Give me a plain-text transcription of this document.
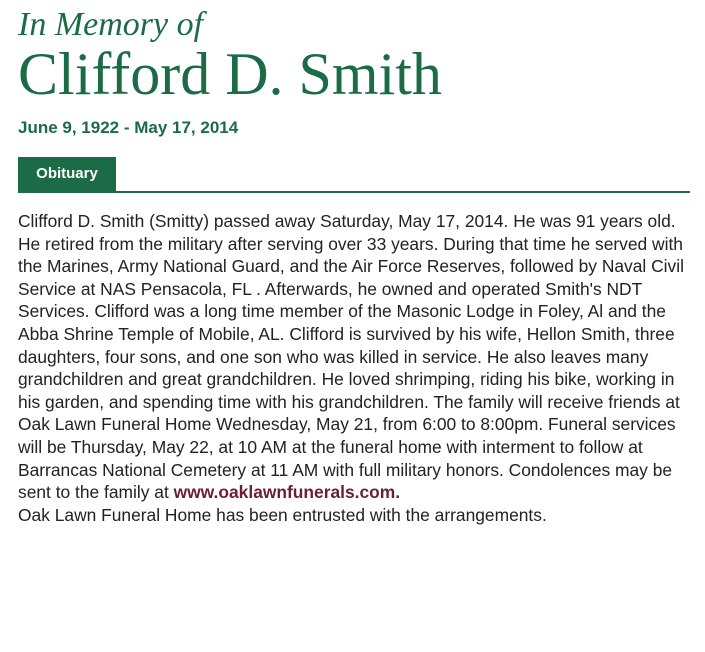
In Memory of
Clifford D. Smith
June 9, 1922 - May 17, 2014
Obituary

Clifford D. Smith (Smitty) passed away Saturday, May 17, 2014. He was 91 years old. He retired from the military after serving over 33 years. During that time he served with the Marines, Army National Guard, and the Air Force Reserves, followed by Naval Civil Service at NAS Pensacola, FL . Afterwards, he owned and operated Smith's NDT Services. Clifford was a long time member of the Masonic Lodge in Foley, Al and the Abba Shrine Temple of Mobile, AL. Clifford is survived by his wife, Hellon Smith, three daughters, four sons, and one son who was killed in service. He also leaves many grandchildren and great grandchildren. He loved shrimping, riding his bike, working in his garden, and spending time with his grandchildren. The family will receive friends at Oak Lawn Funeral Home Wednesday, May 21, from 6:00 to 8:00pm. Funeral services will be Thursday, May 22, at 10 AM at the funeral home with interment to follow at Barrancas National Cemetery at 11 AM with full military honors. Condolences may be sent to the family at www.oaklawnfunerals.com.

Oak Lawn Funeral Home has been entrusted with the arrangements.
